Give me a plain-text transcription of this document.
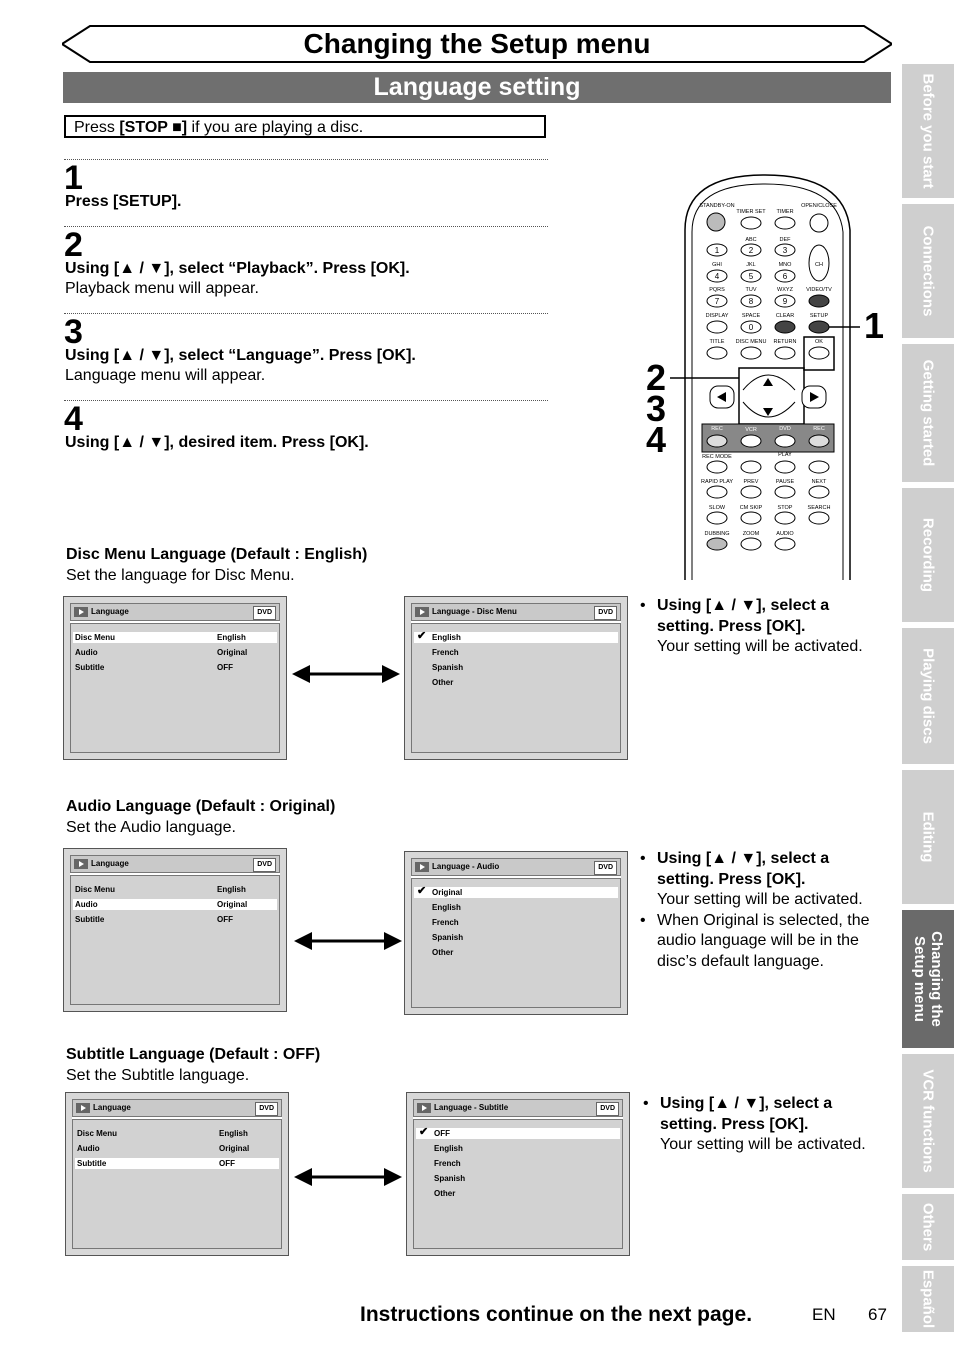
Changing the Setup menu
Language setting
Press [STOP ■] if you are playing a disc.
1
Press [SETUP].
2
Using [▲ / ▼], select “Playback”. Press [OK].
Playback menu will appear.
3
Using [▲ / ▼], select “Language”. Press [OK].
Language menu will appear.
4
Using [▲ / ▼], desired item. Press [OK].
STANDBY-ON
TIMER SET TIMER
OPEN/CLOSE
ABC	DEF
GHI	JKL	MNO
PQRS	TUV	WXYZ VIDEO/TV
DISPLAY SPACE	CLEAR	SETUP
TITLE DISC MENU RETURN	OK
1	2	3
4	5	6
7	8	9
0
CH
REC	VCR	DVD	REC
REC MODE	PLAY
RAPID PLAY PREV	PAUSE	NEXT
SLOW	CM SKIP	STOP	SEARCH
DUBBING ZOOM	AUDIO
1
2
3
4
Before you start
Connections
Getting started
Recording
Playing discs
Editing
Changing the Setup menu
VCR functions
Others
Español
Disc Menu Language (Default : English)
Set the language for Disc Menu.
Language	DVD
Disc Menu	English
Audio	Original
Subtitle	OFF
Language - Disc Menu	DVD
✔ English
French
Spanish
Other
• Using [▲ / ▼], select a setting. Press [OK].
Your setting will be activated.
Audio Language (Default : Original)
Set the Audio language.
Language	DVD
Disc Menu	English
Audio	Original
Subtitle	OFF
Language - Audio	DVD
✔ Original
English
French
Spanish
Other
• Using [▲ / ▼], select a setting. Press [OK].
Your setting will be activated.
• When Original is selected, the audio language will be in the disc’s default language.
Subtitle Language (Default : OFF)
Set the Subtitle language.
Language	DVD
Disc Menu	English
Audio	Original
Subtitle	OFF
Language - Subtitle	DVD
✔ OFF
English
French
Spanish
Other
• Using [▲ / ▼], select a setting. Press [OK].
Your setting will be activated.
Instructions continue on the next page.	EN 67
